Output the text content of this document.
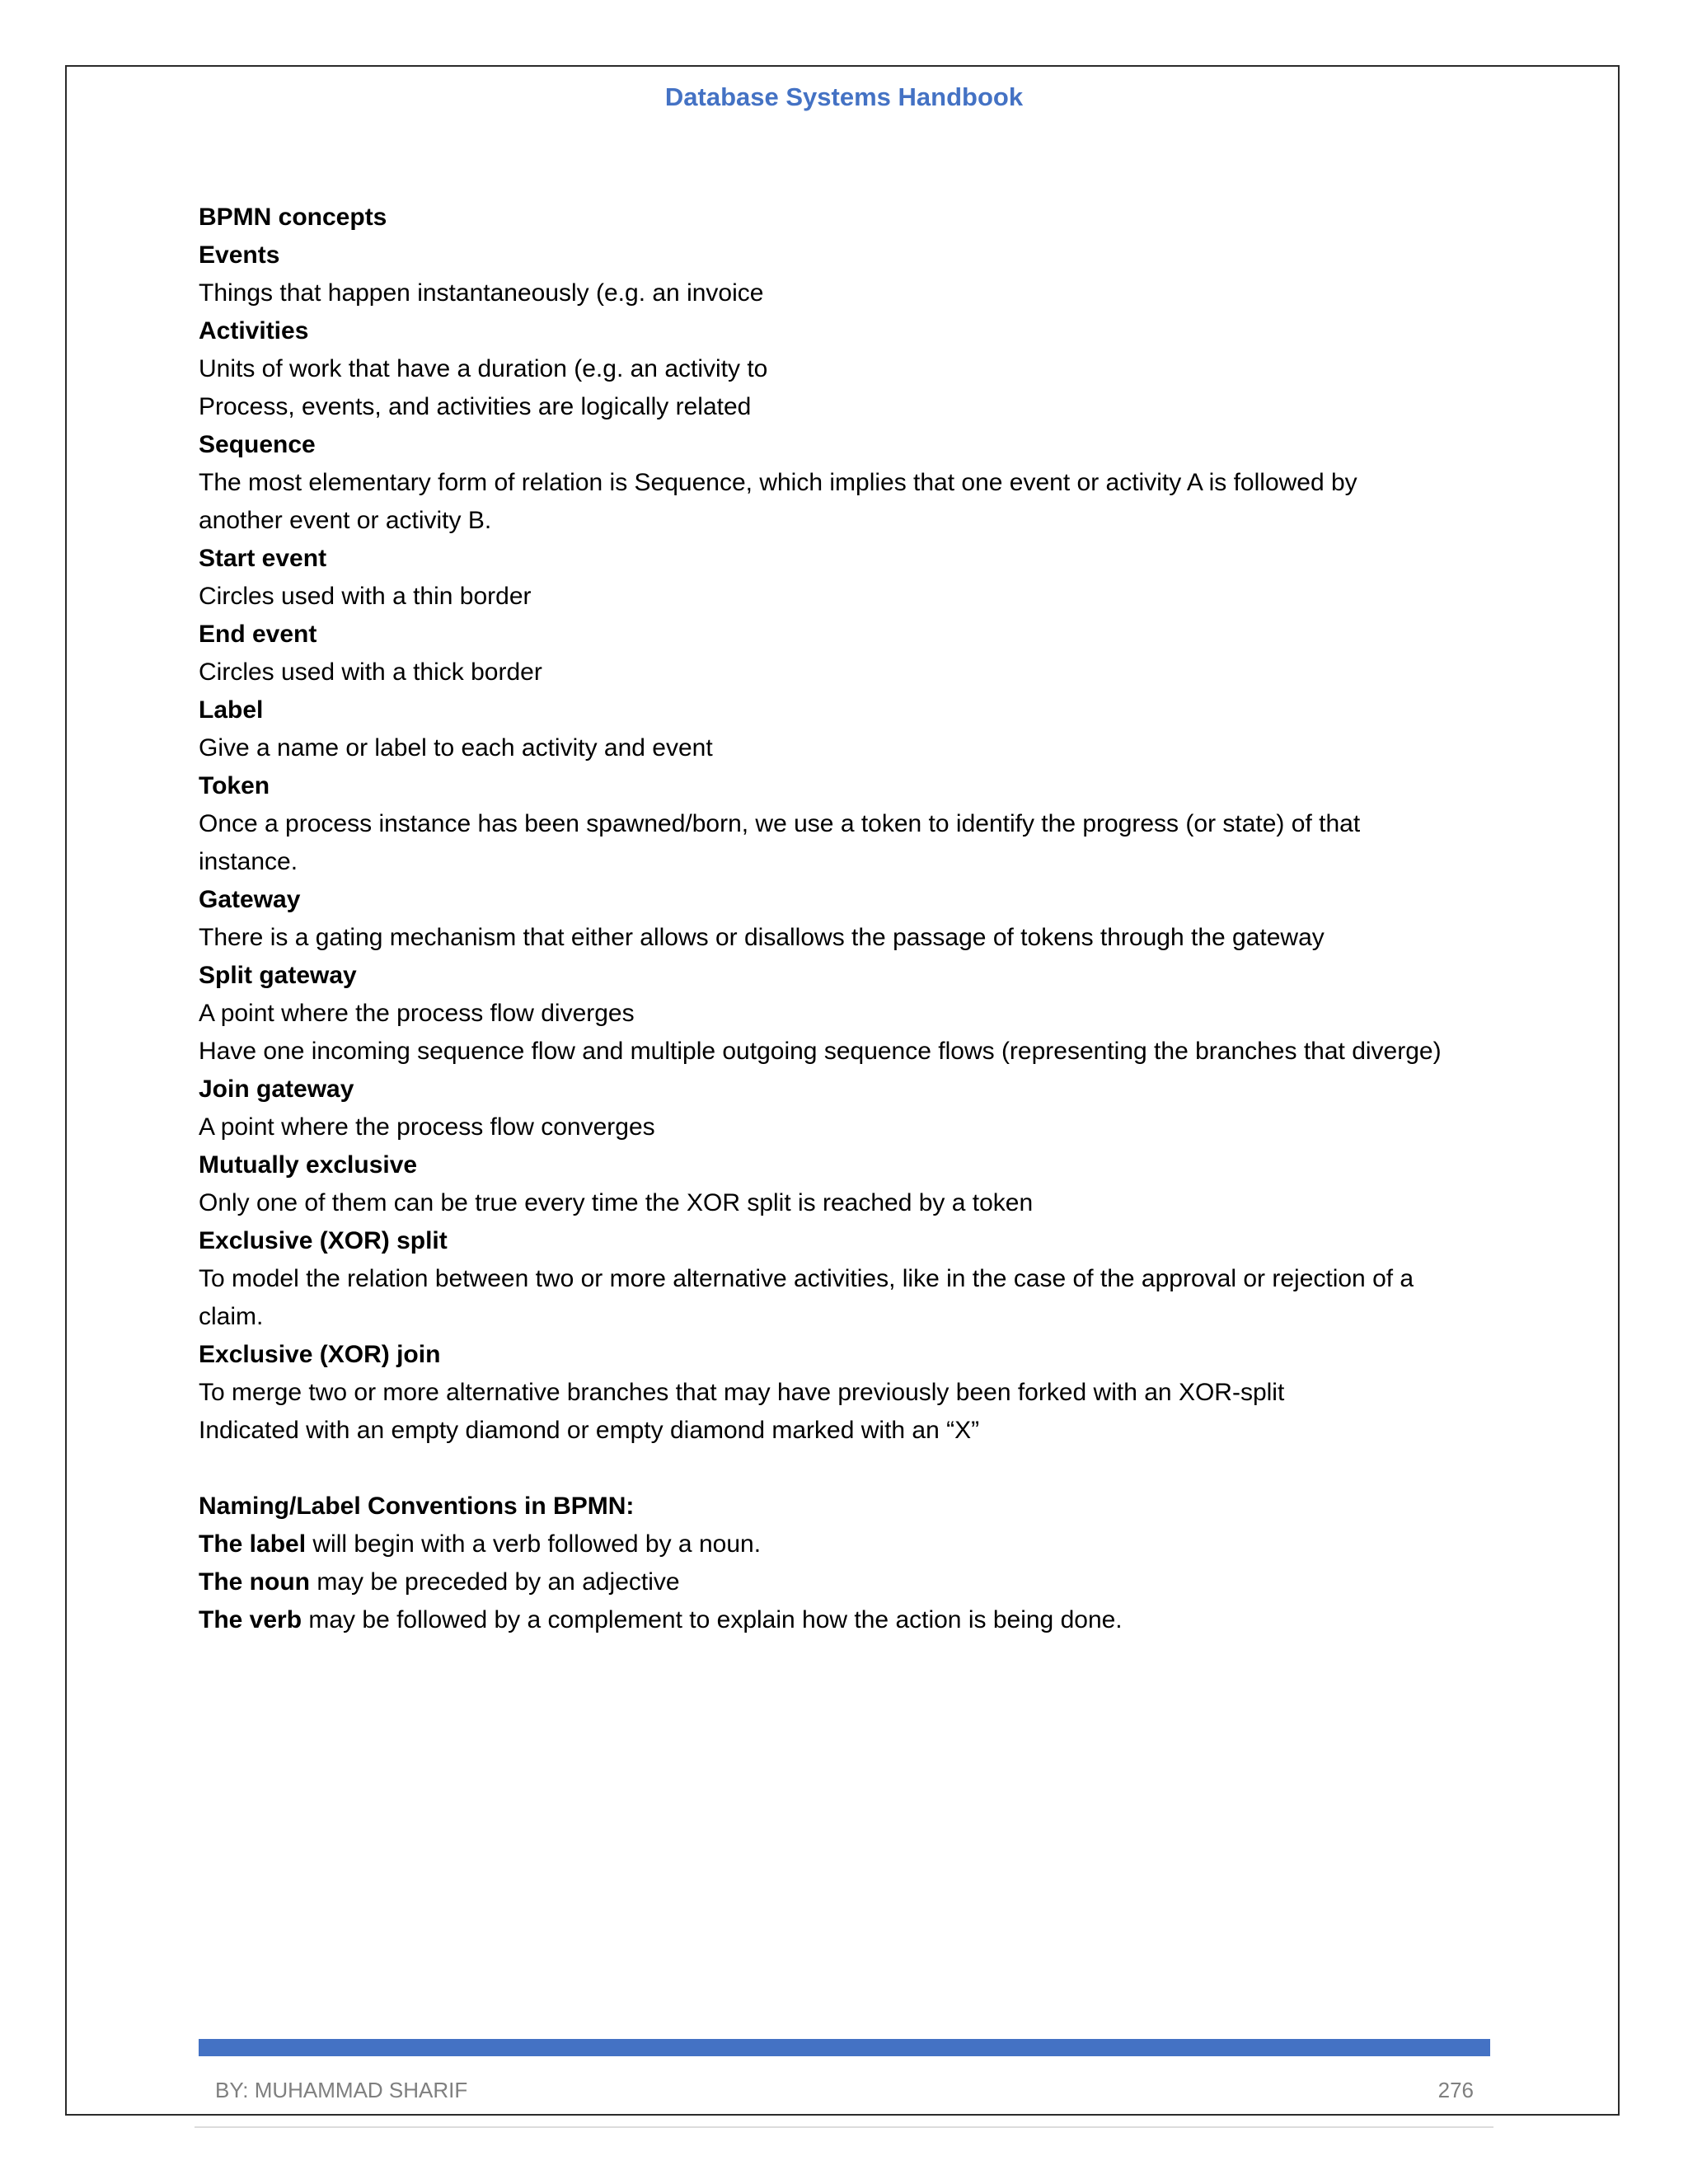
Database Systems Handbook
BPMN concepts
Events
Things that happen instantaneously (e.g. an invoice
Activities
Units of work that have a duration (e.g. an activity to
Process, events, and activities are logically related
Sequence
The most elementary form of relation is Sequence, which implies that one event or activity A is followed by
another event or activity B.
Start event
Circles used with a thin border
End event
Circles used with a thick border
Label
Give a name or label to each activity and event
Token
Once a process instance has been spawned/born, we use a token to identify the progress (or state) of that
instance.
Gateway
There is a gating mechanism that either allows or disallows the passage of tokens through the gateway
Split gateway
A point where the process flow diverges
Have one incoming sequence flow and multiple outgoing sequence flows (representing the branches that diverge)
Join gateway
A point where the process flow converges
Mutually exclusive
Only one of them can be true every time the XOR split is reached by a token
Exclusive (XOR) split
To model the relation between two or more alternative activities, like in the case of the approval or rejection of a
claim.
Exclusive (XOR) join
To merge two or more alternative branches that may have previously been forked with an XOR-split
Indicated with an empty diamond or empty diamond marked with an “X”
Naming/Label Conventions in BPMN:
The label will begin with a verb followed by a noun.
The noun may be preceded by an adjective
The verb may be followed by a complement to explain how the action is being done.
BY: MUHAMMAD SHARIF	276
